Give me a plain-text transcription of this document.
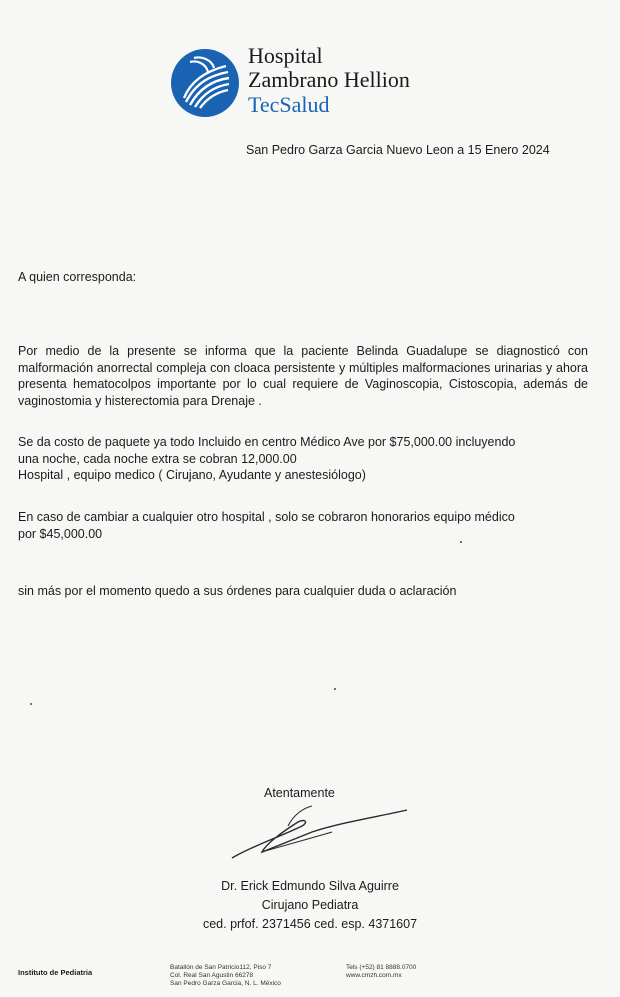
Hospital
Zambrano Hellion
TecSalud
San Pedro Garza Garcia Nuevo Leon a 15 Enero 2024
A quien corresponda:
Por medio de la presente se informa que la paciente Belinda Guadalupe se diagnosticó con malformación anorrectal compleja con cloaca persistente y múltiples malformaciones urinarias y ahora presenta hematocolpos importante por lo cual requiere de Vaginoscopia, Cistoscopia, además de vaginostomia y histerectomia para Drenaje .
Se da costo de paquete ya todo Incluido en centro Médico Ave por $75,000.00 incluyendo
una noche, cada noche extra se cobran 12,000.00
Hospital , equipo medico ( Cirujano, Ayudante y anestesiólogo)
En caso de cambiar a cualquier otro hospital , solo se cobraron honorarios equipo médico
por $45,000.00
sin más por el momento quedo a sus órdenes para cualquier duda o aclaración
Atentamente
Dr. Erick Edmundo Silva Aguirre
Cirujano Pediatra
ced. prfof. 2371456 ced. esp. 4371607
Instituto de Pediatria
Batallón de San Patricio112, Piso 7
Col. Real San Agustin 66278
San Pedro Garza Garcia, N. L. México
Tels (+52) 81 8888.0700
www.cmzh.com.mx
